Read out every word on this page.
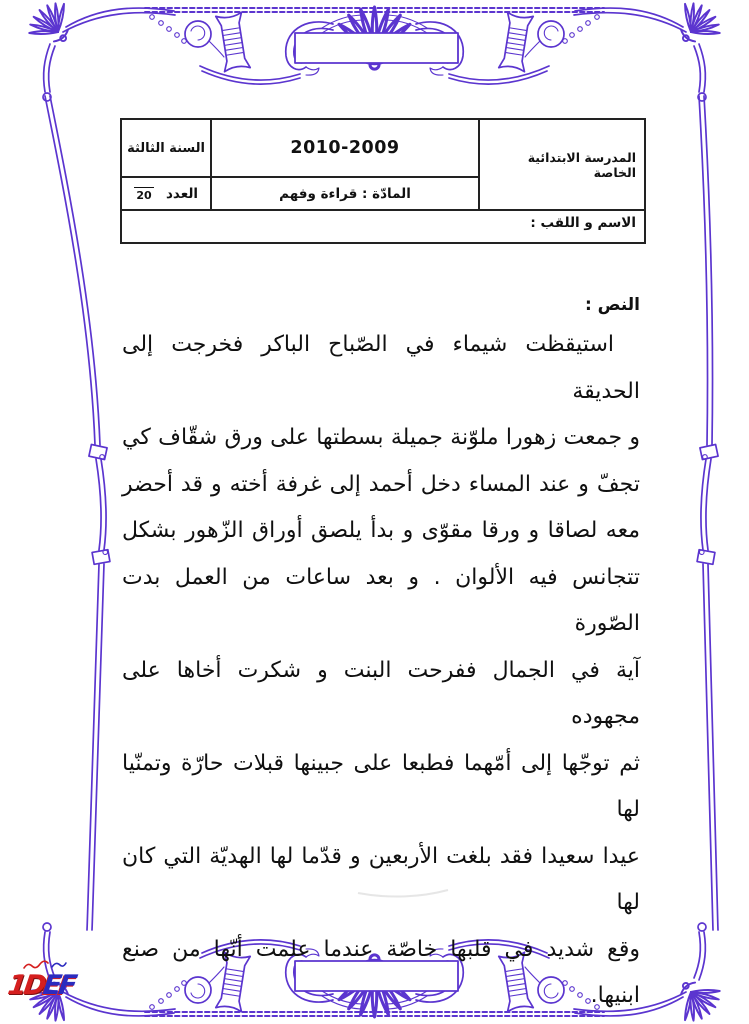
المدرسة الابتدائية الخاصة
2010-2009
السنة الثالثة
المادّة : قراءة وفهم
العدد
20
الاسم و اللقب :
النص :
استيقظت شيماء في الصّباح الباكر فخرجت إلى الحديقة
و جمعت زهورا ملوّنة جميلة بسطتها على ورق شقّاف كي
تجفّ و عند المساء دخل أحمد إلى غرفة أخته و قد أحضر
معه لصاقا و ورقا مقوّى و بدأ يلصق أوراق الزّهور بشكل
تتجانس فيه الألوان . و بعد ساعات من العمل بدت الصّورة
آية في الجمال ففرحت البنت و شكرت أخاها على مجهوده
ثم توجّها إلى أمّهما فطبعا على جبينها قبلات حارّة وتمنّيا لها
عيدا سعيدا فقد بلغت الأربعين و قدّما لها الهديّة التي كان لها
وقع شديد في قلبها خاصّة عندما علمت أنّها من صنع ابنيها.
1DEF
